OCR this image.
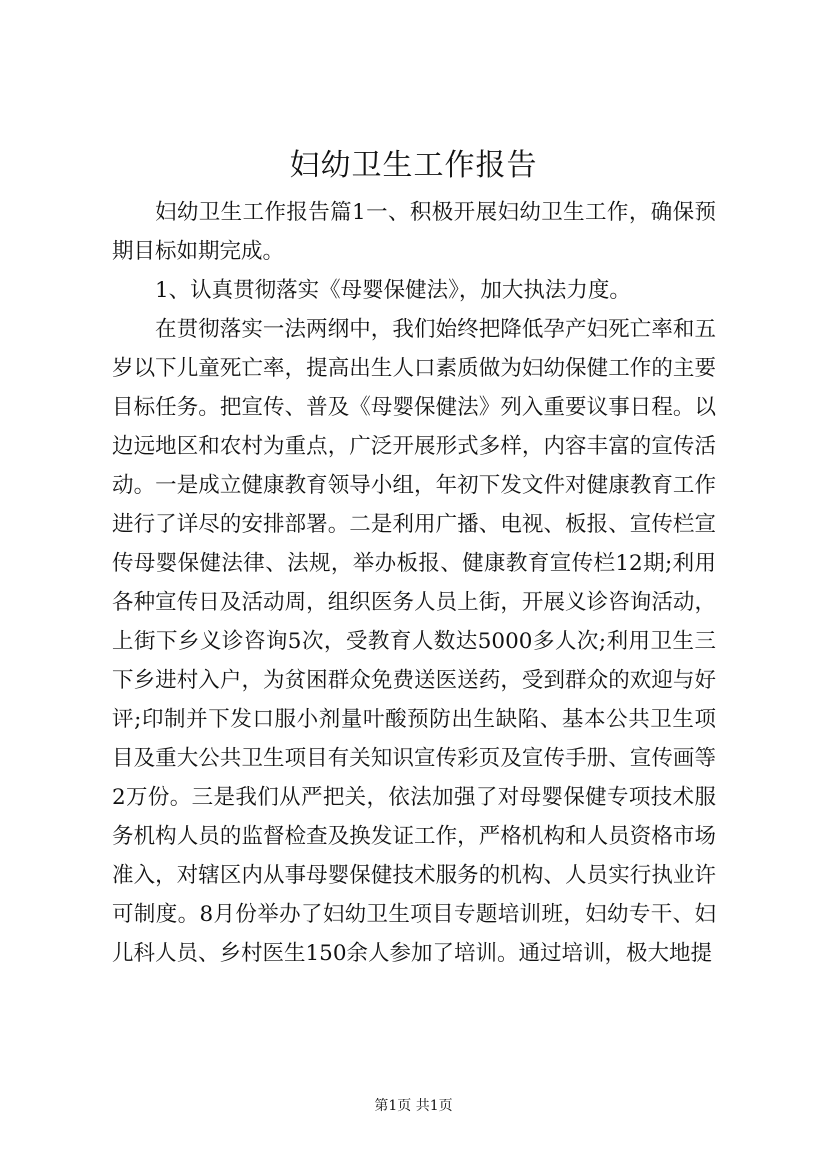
妇幼卫生工作报告

妇幼卫生工作报告篇1一、积极开展妇幼卫生工作，确保预期目标如期完成。

1、认真贯彻落实《母婴保健法》，加大执法力度。

在贯彻落实一法两纲中，我们始终把降低孕产妇死亡率和五岁以下儿童死亡率，提高出生人口素质做为妇幼保健工作的主要目标任务。把宣传、普及《母婴保健法》列入重要议事日程。以边远地区和农村为重点，广泛开展形式多样，内容丰富的宣传活动。一是成立健康教育领导小组，年初下发文件对健康教育工作进行了详尽的安排部署。二是利用广播、电视、板报、宣传栏宣传母婴保健法律、法规，举办板报、健康教育宣传栏12期;利用各种宣传日及活动周，组织医务人员上街，开展义诊咨询活动，上街下乡义诊咨询5次，受教育人数达5000多人次;利用卫生三下乡进村入户，为贫困群众免费送医送药，受到群众的欢迎与好评;印制并下发口服小剂量叶酸预防出生缺陷、基本公共卫生项目及重大公共卫生项目有关知识宣传彩页及宣传手册、宣传画等2万份。三是我们从严把关，依法加强了对母婴保健专项技术服务机构人员的监督检查及换发证工作，严格机构和人员资格市场准入，对辖区内从事母婴保健技术服务的机构、人员实行执业许可制度。8月份举办了妇幼卫生项目专题培训班，妇幼专干、妇儿科人员、乡村医生150余人参加了培训。通过培训，极大地提

第1页 共1页
